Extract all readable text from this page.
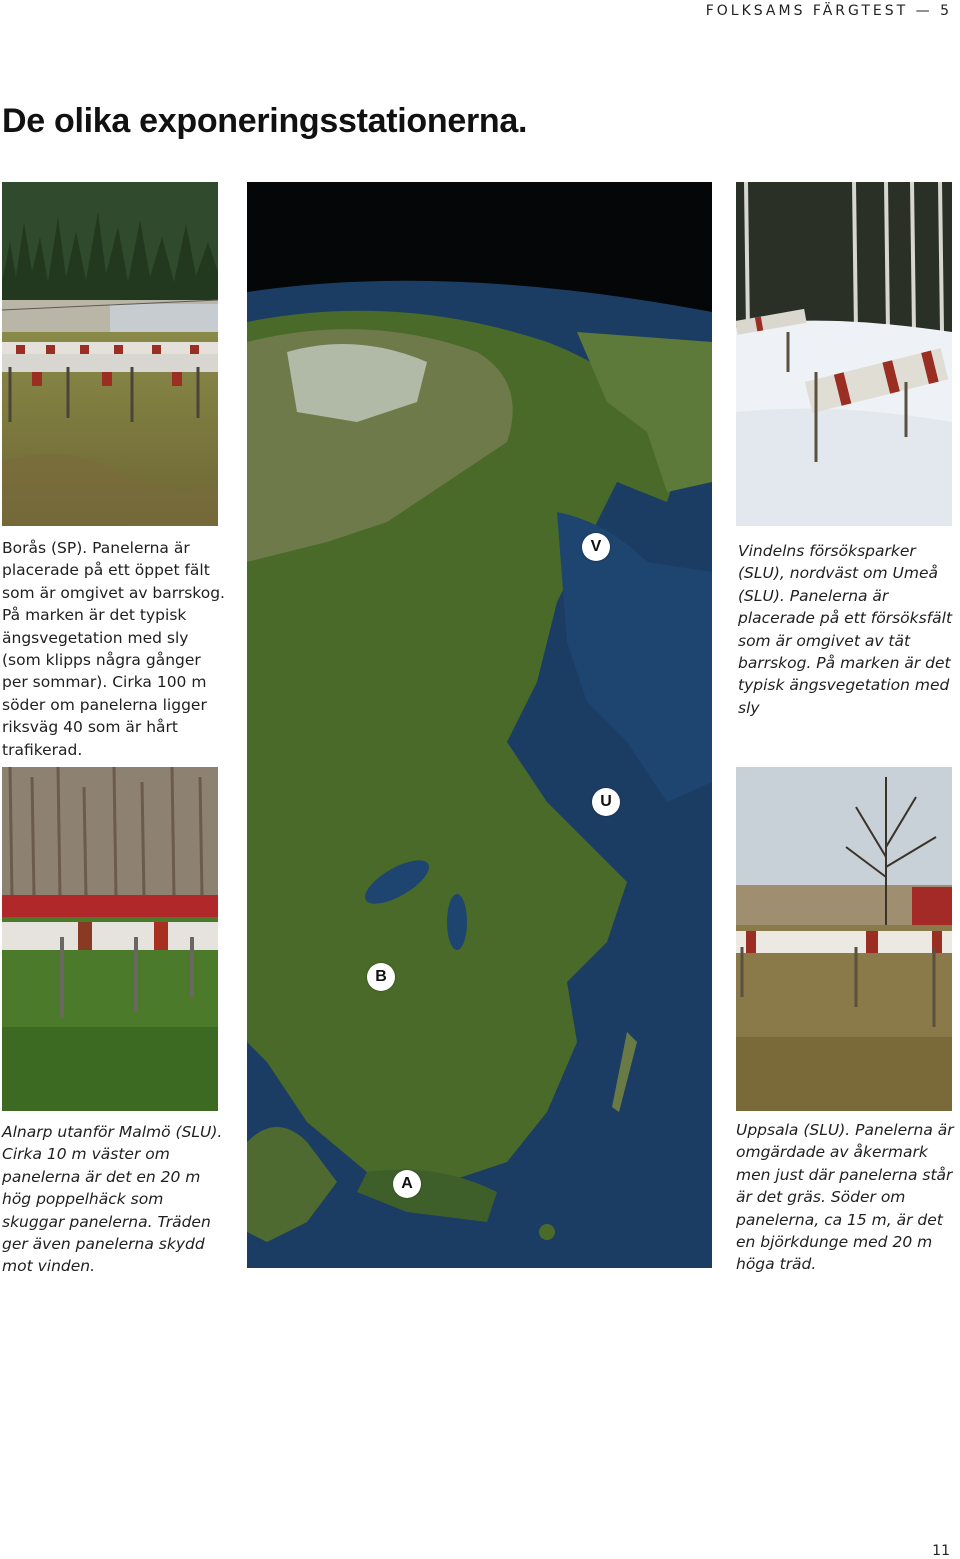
FOLKSAMS FÄRGTEST — 5
De olika exponeringsstationerna.
V
U
B
A

Borås (SP). Panelerna är placerade på ett öppet fält som är omgivet av barrskog. På marken är det typisk ängsvegetation med sly (som klipps några gånger per sommar). Cirka 100 m söder om panelerna ligger riksväg 40 som är hårt trafikerad.

Vindelns försöksparker (SLU), nordväst om Umeå (SLU). Panelerna är placerade på ett försöksfält som är omgivet av tät barrskog. På marken är det typisk ängsvegetation med sly

Alnarp utanför Malmö (SLU). Cirka 10 m väster om panelerna är det en 20 m hög poppelhäck som skuggar panelerna. Träden ger även panelerna skydd mot vinden.

Uppsala (SLU). Panelerna är omgärdade av åkermark men just där panelerna står är det gräs. Söder om panelerna, ca 15 m, är det en björkdunge med 20 m höga träd.

11
